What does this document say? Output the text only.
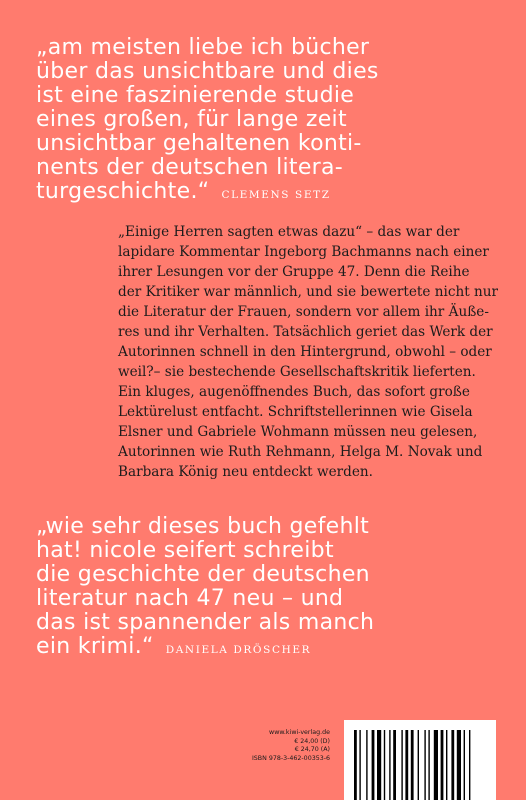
„am meisten liebe ich bücher
über das unsichtbare und dies
ist eine faszinierende studie
eines großen, für lange zeit
unsichtbar gehaltenen konti-
nents der deutschen litera-
turgeschichte.“ CLEMENS SETZ
„Einige Herren sagten etwas dazu“ – das war der
lapidare Kommentar Ingeborg Bachmanns nach einer
ihrer Lesungen vor der Gruppe 47. Denn die Reihe
der Kritiker war männlich, und sie bewertete nicht nur
die Literatur der Frauen, sondern vor allem ihr Äuße-
res und ihr Verhalten. Tatsächlich geriet das Werk der
Autorinnen schnell in den Hintergrund, obwohl – oder
weil?– sie bestechende Gesellschaftskritik lieferten.
Ein kluges, augenöffnendes Buch, das sofort große
Lektürelust entfacht. Schriftstellerinnen wie Gisela
Elsner und Gabriele Wohmann müssen neu gelesen,
Autorinnen wie Ruth Rehmann, Helga M. Novak und
Barbara König neu entdeckt werden.
„wie sehr dieses buch gefehlt
hat! nicole seifert schreibt
die geschichte der deutschen
literatur nach 47 neu – und
das ist spannender als manch
ein krimi.“ DANIELA DRÖSCHER
www.kiwi-verlag.de
€ 24,00 (D)
€ 24,70 (A)
ISBN 978-3-462-00353-6
